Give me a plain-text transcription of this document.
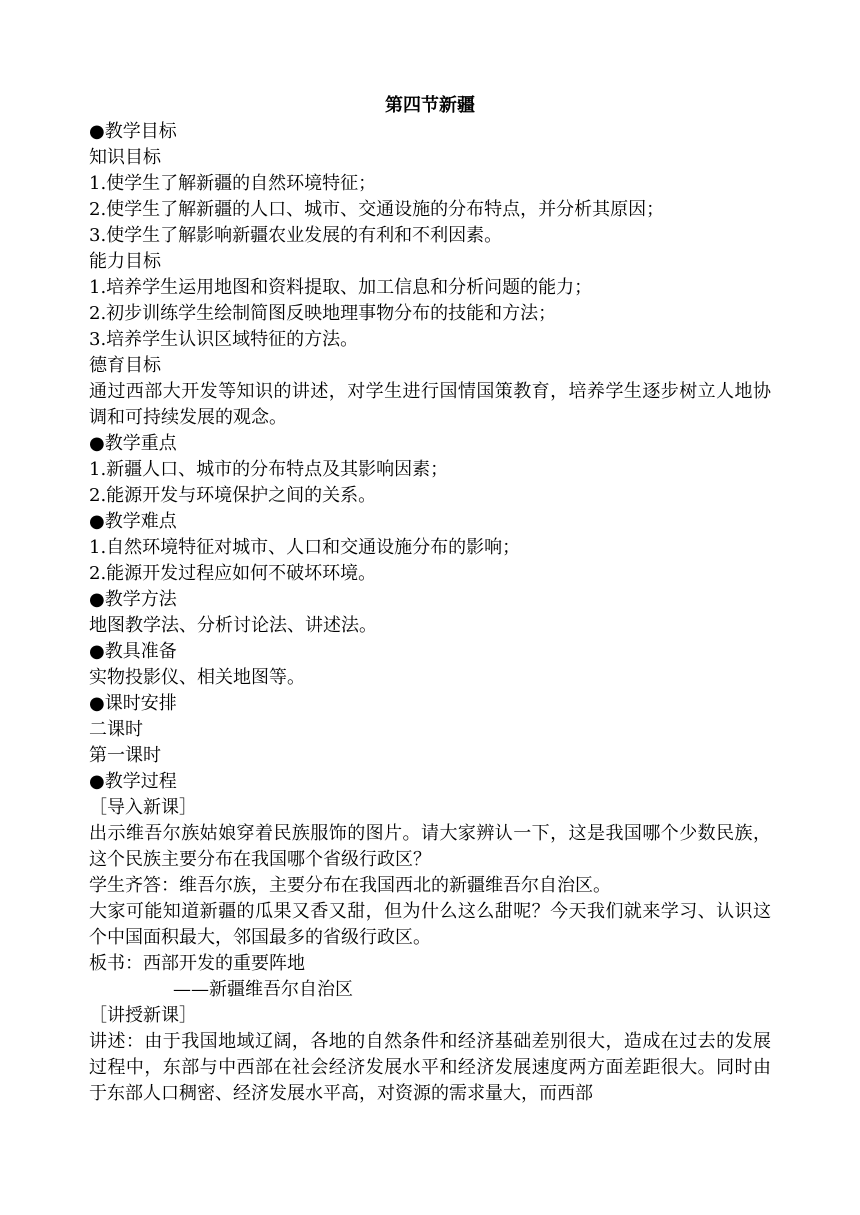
第四节新疆
●教学目标
知识目标
1.使学生了解新疆的自然环境特征；
2.使学生了解新疆的人口、城市、交通设施的分布特点，并分析其原因；
3.使学生了解影响新疆农业发展的有利和不利因素。
能力目标
1.培养学生运用地图和资料提取、加工信息和分析问题的能力；
2.初步训练学生绘制简图反映地理事物分布的技能和方法；
3.培养学生认识区域特征的方法。
德育目标

通过西部大开发等知识的讲述，对学生进行国情国策教育，培养学生逐步树立人地协调和可持续发展的观念。

●教学重点
1.新疆人口、城市的分布特点及其影响因素；
2.能源开发与环境保护之间的关系。
●教学难点
1.自然环境特征对城市、人口和交通设施分布的影响；
2.能源开发过程应如何不破坏环境。
●教学方法
地图教学法、分析讨论法、讲述法。
●教具准备
实物投影仪、相关地图等。
●课时安排
二课时
第一课时
●教学过程
［导入新课］

出示维吾尔族姑娘穿着民族服饰的图片。请大家辨认一下，这是我国哪个少数民族，这个民族主要分布在我国哪个省级行政区？

学生齐答：维吾尔族，主要分布在我国西北的新疆维吾尔自治区。

大家可能知道新疆的瓜果又香又甜，但为什么这么甜呢？今天我们就来学习、认识这个中国面积最大，邻国最多的省级行政区。

板书：西部开发的重要阵地
——新疆维吾尔自治区
［讲授新课］

讲述：由于我国地域辽阔，各地的自然条件和经济基础差别很大，造成在过去的发展过程中，东部与中西部在社会经济发展水平和经济发展速度两方面差距很大。同时由于东部人口稠密、经济发展水平高，对资源的需求量大，而西部
